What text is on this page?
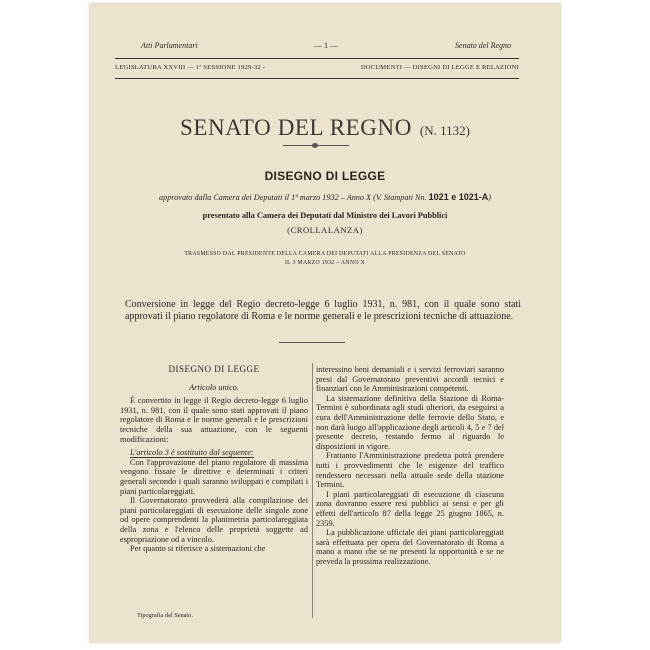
Atti Parlamentari	— 1 —	Senato del Regno
LEGISLATURA XXVIII — 1ª SESSIONE 1929-32 -	DOCUMENTI — DISEGNI DI LEGGE E RELAZIONI
SENATO DEL REGNO (N. 1132)
DISEGNO DI LEGGE
approvato dalla Camera dei Deputati il 1º marzo 1932 – Anno X (V. Stampati Nn. 1021 e 1021-A)
presentato alla Camera dei Deputati dal Ministro dei Lavori Pubblici
(CROLLALANZA)
TRASMESSO DAL PRESIDENTE DELLA CAMERA DEI DEPUTATI ALLA PRESIDENZA DEL SENATO
IL 3 MARZO 1932 – ANNO X
Conversione in legge del Regio decreto-legge 6 luglio 1931, n. 981, con il quale sono stati approvati il piano regolatore di Roma e le norme generali e le prescrizioni tecniche di attuazione.
DISEGNO DI LEGGE
Articolo unico.

È convertito in legge il Regio decreto-legge 6 luglio 1931, n. 981, con il quale sono stati approvati il piano regolatore di Roma e le norme generali e le prescrizioni tecniche della sua attuazione, con le seguenti modificazioni:

L'articolo 3 è sostituito dal seguente:

Con l'approvazione del piano regolatore di massima vengono fissate le direttive e determinati i criteri generali secondo i quali saranno sviluppati e compilati i piani particolareggiati.

Il Governatorato provvederà alla compilazione dei piani particolareggiati di esecuzione delle singole zone od opere comprendenti la planimetria particolareggiata della zona e l'elenco delle proprietà soggette ad espropriazione od a vincolo.

Per quanto si riferisce a sistemazioni che

interessino beni demaniali e i servizi ferroviari saranno presi dal Governatorato preventivi accordi tecnici e finanziari con le Amministrazioni competenti.

La sistemazione definitiva della Stazione di Roma-Termini è subordinata agli studi ulteriori, da eseguirsi a cura dell'Amministrazione delle ferrovie dello Stato, e non darà luogo all'applicazione degli articoli 4, 5 e 7 del presente decreto, restando fermo al riguardo le disposizioni in vigore.

Frattanto l'Amministrazione predetta potrà prendere tutti i provvedimenti che le esigenze del traffico rendessero necessari nella attuale sede della stazione Termini.

I piani particolareggiati di esecuzione di ciascuna zona dovranno essere resi pubblici ai sensi e per gli effetti dell'articolo 87 della legge 25 giugno 1865, n. 2359.

La pubblicazione ufficiale dei piani particolareggiati sarà effettuata per opera del Governatorato di Roma a mano a mano che se ne presenti la opportunità e se ne preveda la prossima realizzazione.

Tipografia del Senato.
